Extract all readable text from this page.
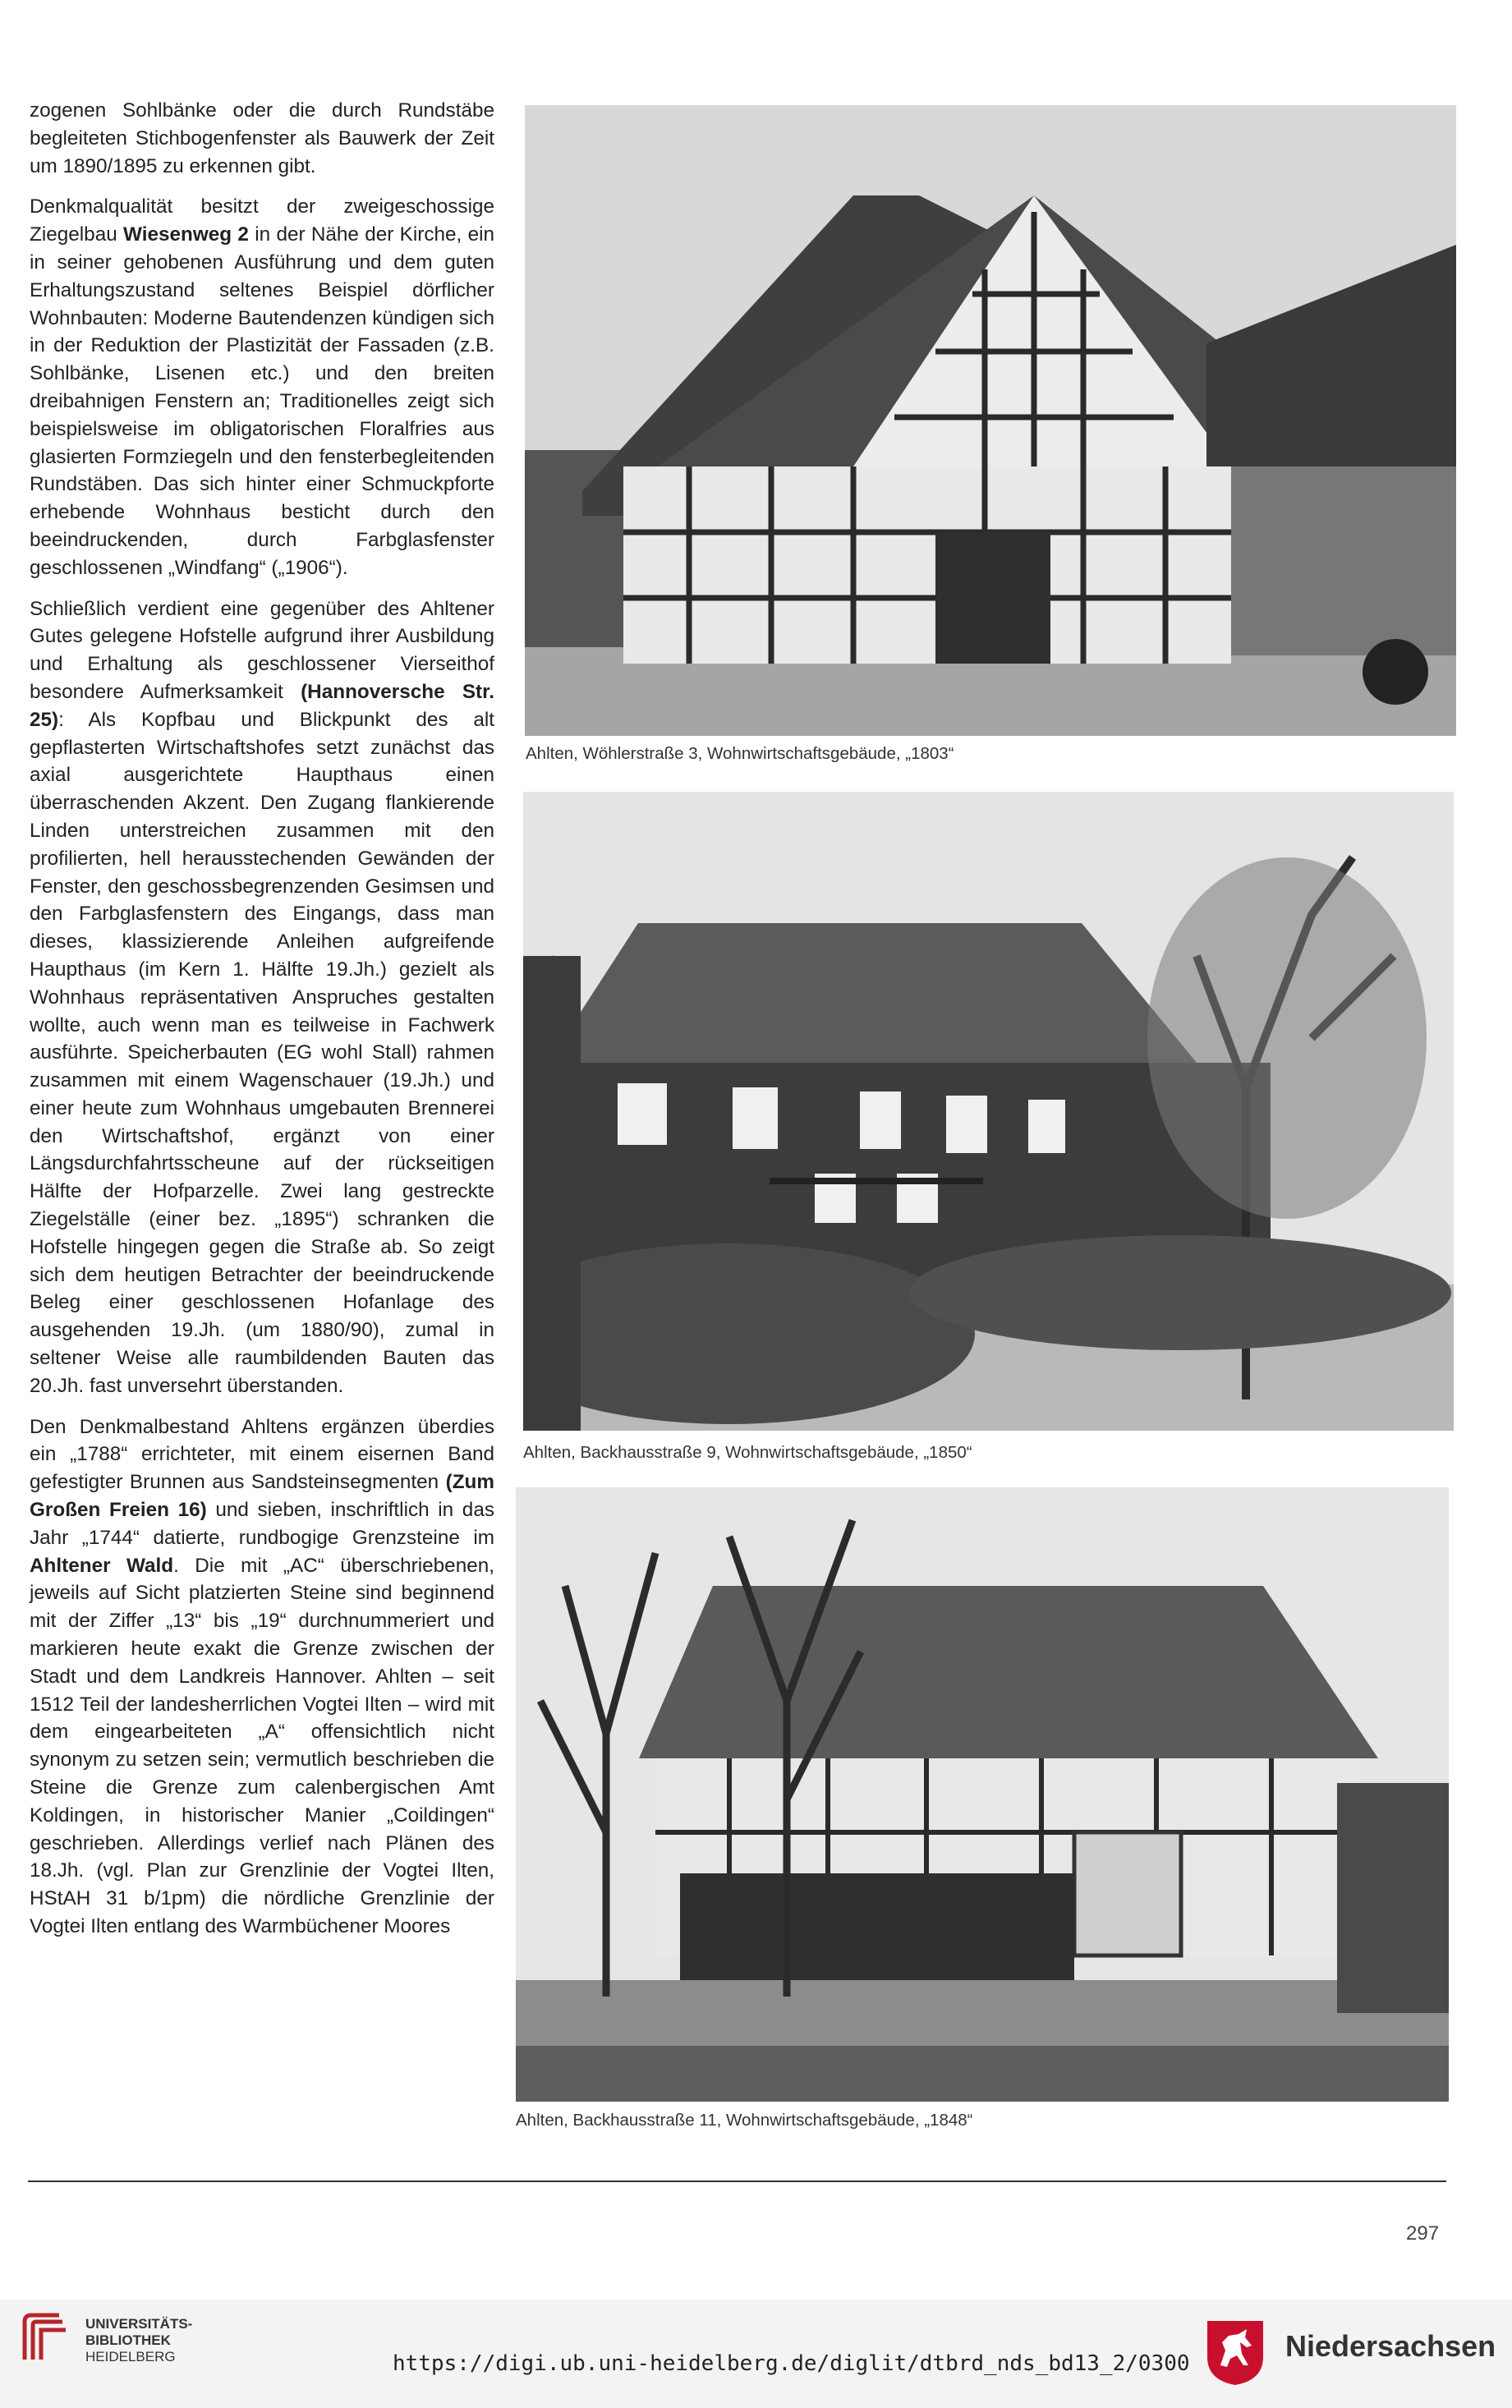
zogenen Sohlbänke oder die durch Rundstäbe begleiteten Stichbogenfenster als Bauwerk der Zeit um 1890/1895 zu erkennen gibt.

Denkmalqualität besitzt der zweigeschossige Ziegelbau Wiesenweg 2 in der Nähe der Kirche, ein in seiner gehobenen Ausführung und dem guten Erhaltungszustand seltenes Beispiel dörflicher Wohnbauten: Moderne Bautendenzen kündigen sich in der Reduktion der Plastizität der Fassaden (z.B. Sohlbänke, Lisenen etc.) und den breiten dreibahnigen Fenstern an; Traditionelles zeigt sich beispielsweise im obligatorischen Floralfries aus glasierten Formziegeln und den fensterbegleitenden Rundstäben. Das sich hinter einer Schmuckpforte erhebende Wohnhaus besticht durch den beeindruckenden, durch Farbglasfenster geschlossenen „Windfang“ („1906“).

Schließlich verdient eine gegenüber des Ahltener Gutes gelegene Hofstelle aufgrund ihrer Ausbildung und Erhaltung als geschlossener Vierseithof besondere Aufmerksamkeit (Hannoversche Str. 25): Als Kopfbau und Blickpunkt des alt gepflasterten Wirtschaftshofes setzt zunächst das axial ausgerichtete Haupthaus einen überraschenden Akzent. Den Zugang flankierende Linden unterstreichen zusammen mit den profilierten, hell herausstechenden Gewänden der Fenster, den geschossbegrenzenden Gesimsen und den Farbglasfenstern des Eingangs, dass man dieses, klassizierende Anleihen aufgreifende Haupthaus (im Kern 1. Hälfte 19.Jh.) gezielt als Wohnhaus repräsentativen Anspruches gestalten wollte, auch wenn man es teilweise in Fachwerk ausführte. Speicherbauten (EG wohl Stall) rahmen zusammen mit einem Wagenschauer (19.Jh.) und einer heute zum Wohnhaus umgebauten Brennerei den Wirtschaftshof, ergänzt von einer Längsdurchfahrtsscheune auf der rückseitigen Hälfte der Hofparzelle. Zwei lang gestreckte Ziegelställe (einer bez. „1895“) schranken die Hofstelle hingegen gegen die Straße ab. So zeigt sich dem heutigen Betrachter der beeindruckende Beleg einer geschlossenen Hofanlage des ausgehenden 19.Jh. (um 1880/90), zumal in seltener Weise alle raumbildenden Bauten das 20.Jh. fast unversehrt überstanden.

Den Denkmalbestand Ahltens ergänzen überdies ein „1788“ errichteter, mit einem eisernen Band gefestigter Brunnen aus Sandsteinsegmenten (Zum Großen Freien 16) und sieben, inschriftlich in das Jahr „1744“ datierte, rundbogige Grenzsteine im Ahltener Wald. Die mit „AC“ überschriebenen, jeweils auf Sicht platzierten Steine sind beginnend mit der Ziffer „13“ bis „19“ durchnummeriert und markieren heute exakt die Grenze zwischen der Stadt und dem Landkreis Hannover. Ahlten – seit 1512 Teil der landesherrlichen Vogtei Ilten – wird mit dem eingearbeiteten „A“ offensichtlich nicht synonym zu setzen sein; vermutlich beschrieben die Steine die Grenze zum calenbergischen Amt Koldingen, in historischer Manier „Coildingen“ geschrieben. Allerdings verlief nach Plänen des 18.Jh. (vgl. Plan zur Grenzlinie der Vogtei Ilten, HStAH 31 b/1pm) die nördliche Grenzlinie der Vogtei Ilten entlang des Warmbüchener Moores

Ahlten, Wöhlerstraße 3, Wohnwirtschaftsgebäude, „1803“
Ahlten, Backhausstraße 9, Wohnwirtschaftsgebäude, „1850“
Ahlten, Backhausstraße 11, Wohnwirtschaftsgebäude, „1848“
297
UNIVERSITÄTS-
BIBLIOTHEK
HEIDELBERG	https://digi.ub.uni-heidelberg.de/diglit/dtbrd_nds_bd13_2/0300
Niedersachsen
